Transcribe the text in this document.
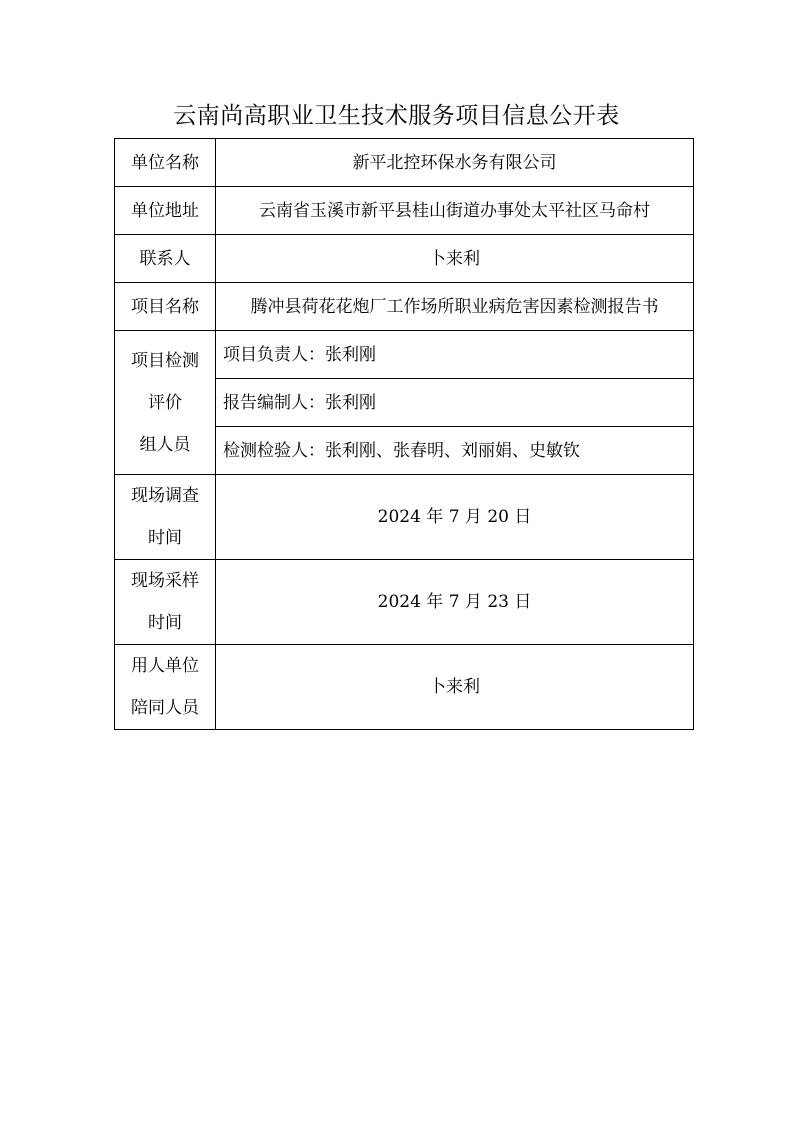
云南尚高职业卫生技术服务项目信息公开表
单位名称	新平北控环保水务有限公司
单位地址	云南省玉溪市新平县桂山街道办事处太平社区马命村
联系人	卜来利
项目名称	腾冲县荷花花炮厂工作场所职业病危害因素检测报告书

项目检测
评价
组人员	项目负责人：张利刚
	报告编制人：张利刚
	检测检验人：张利刚、张春明、刘丽娟、史敏钦

现场调查
时间	2024 年 7 月 20 日

现场采样
时间	2024 年 7 月 23 日

用人单位
陪同人员	卜来利
